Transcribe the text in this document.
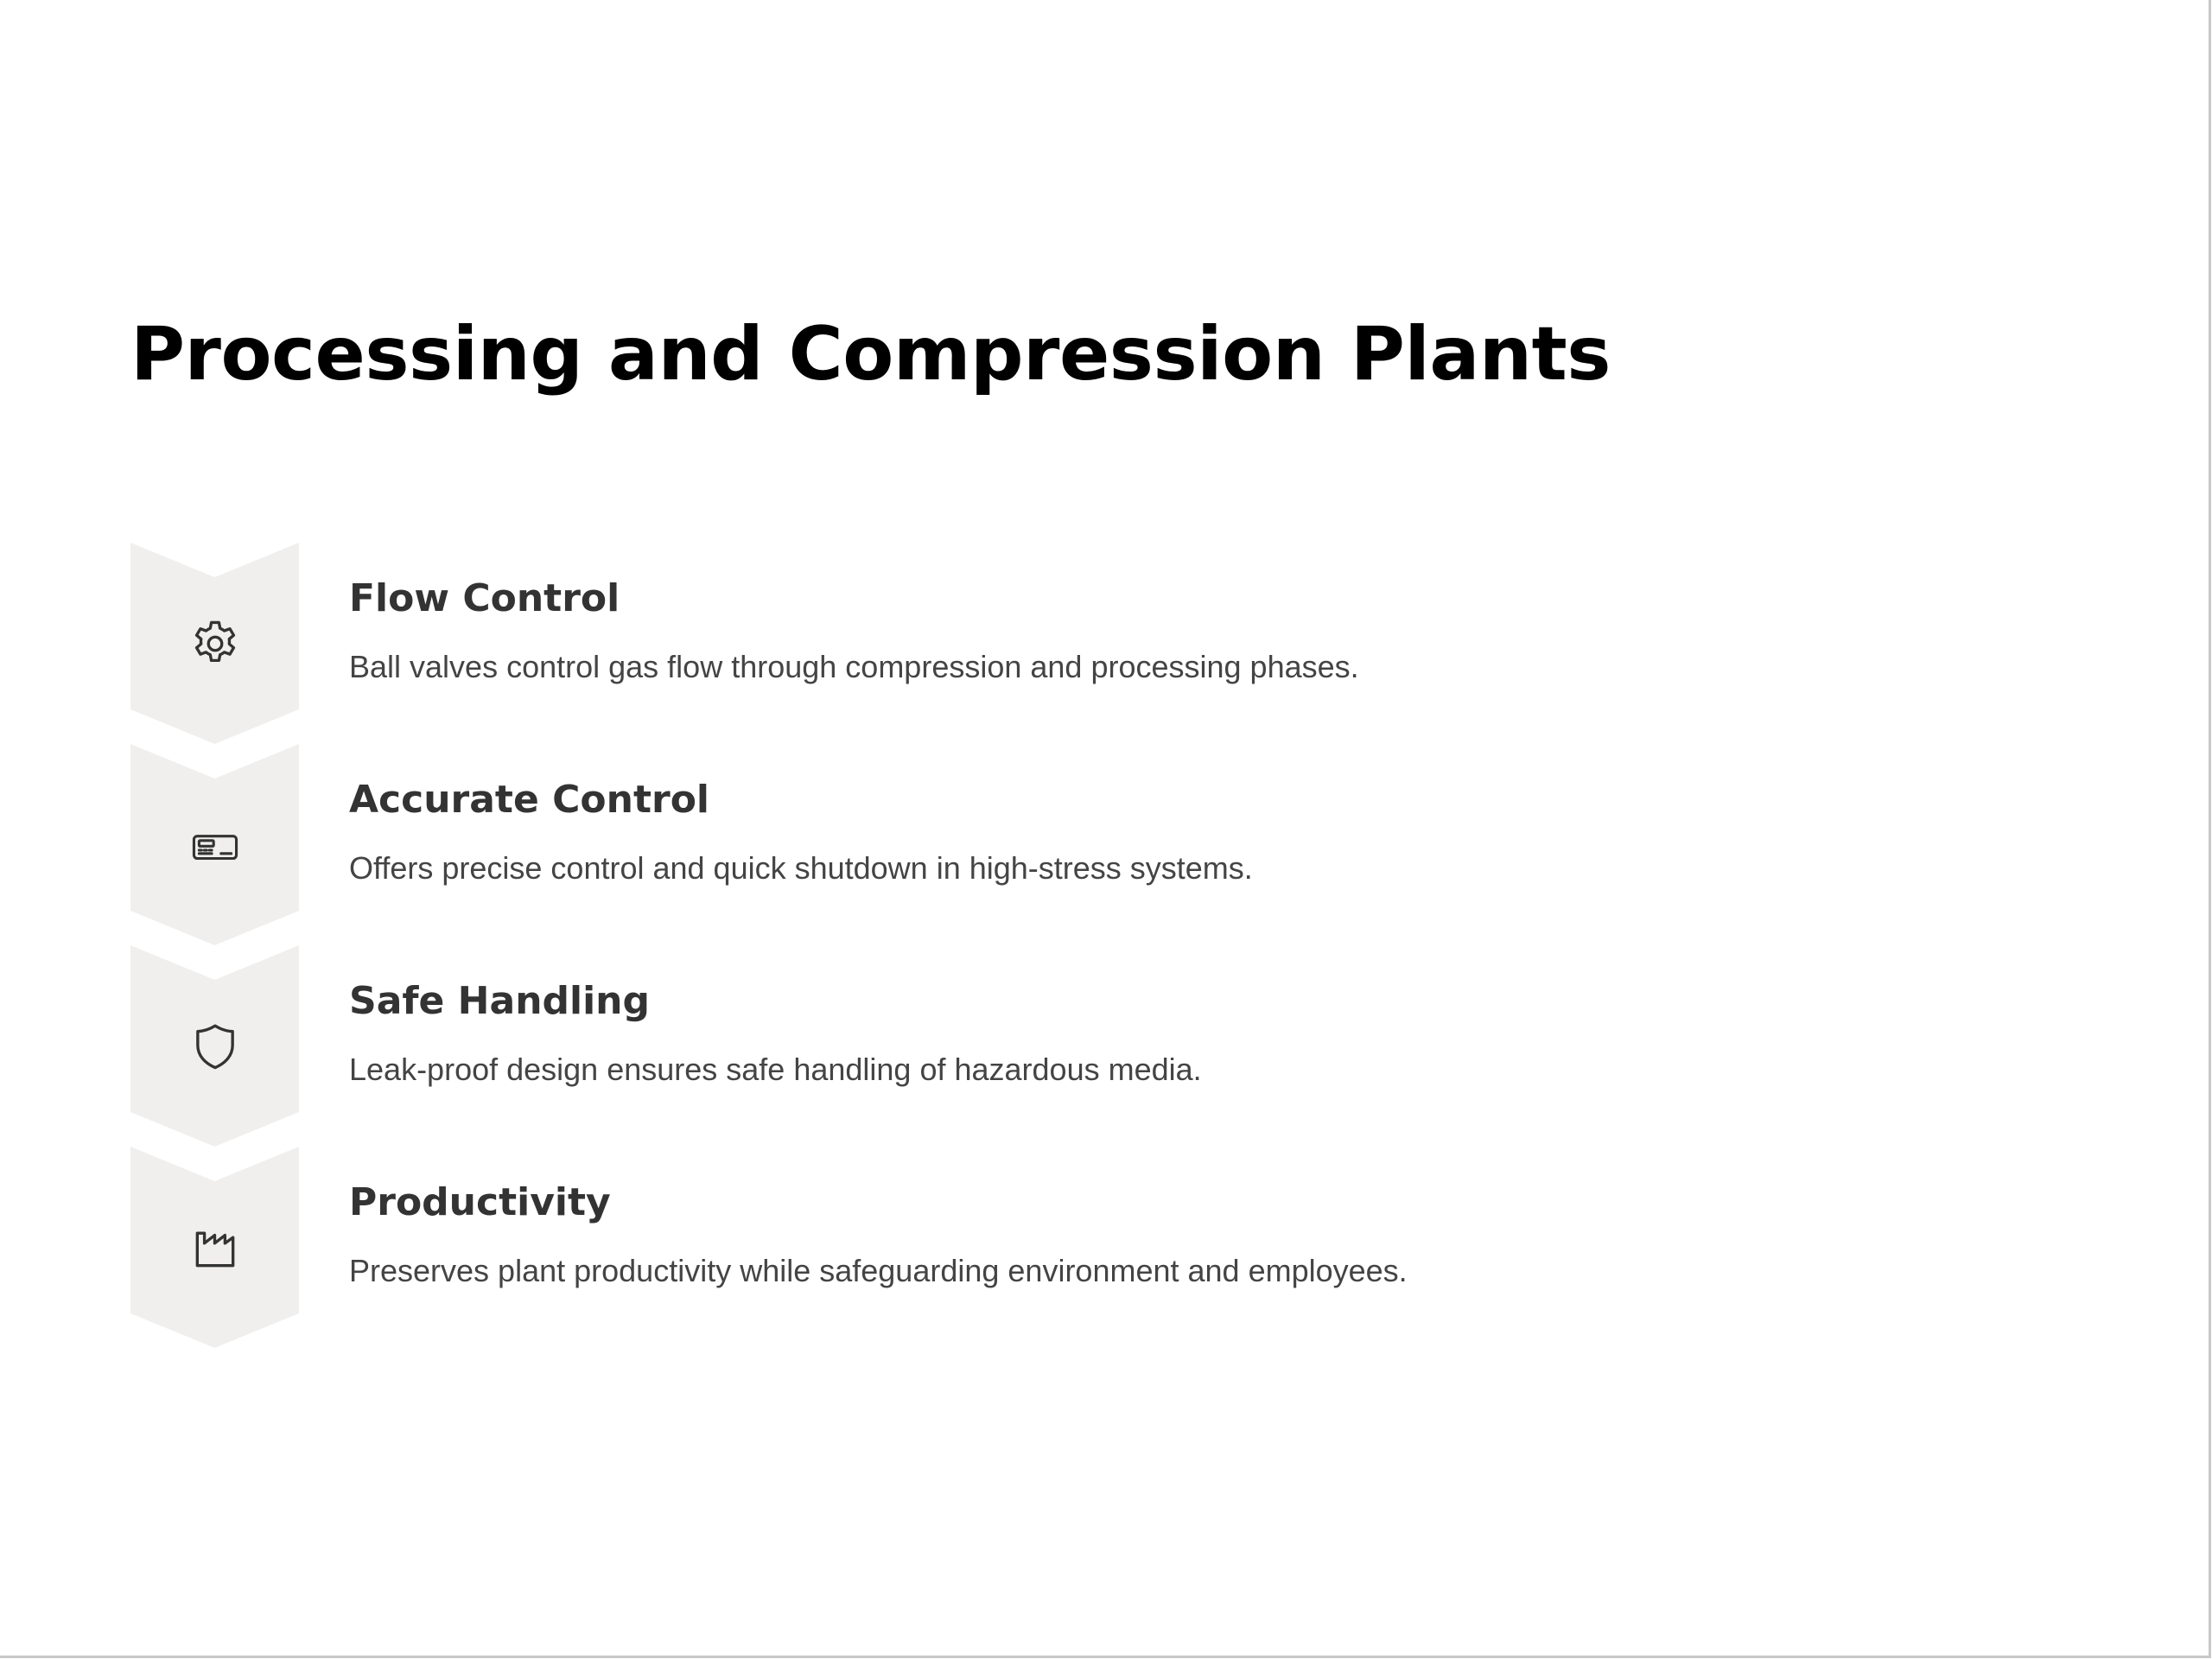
Processing and Compression Plants
Flow Control

Ball valves control gas flow through compression and processing phases.

Accurate Control

Offers precise control and quick shutdown in high-stress systems.

Safe Handling

Leak-proof design ensures safe handling of hazardous media.

Productivity

Preserves plant productivity while safeguarding environment and employees.
